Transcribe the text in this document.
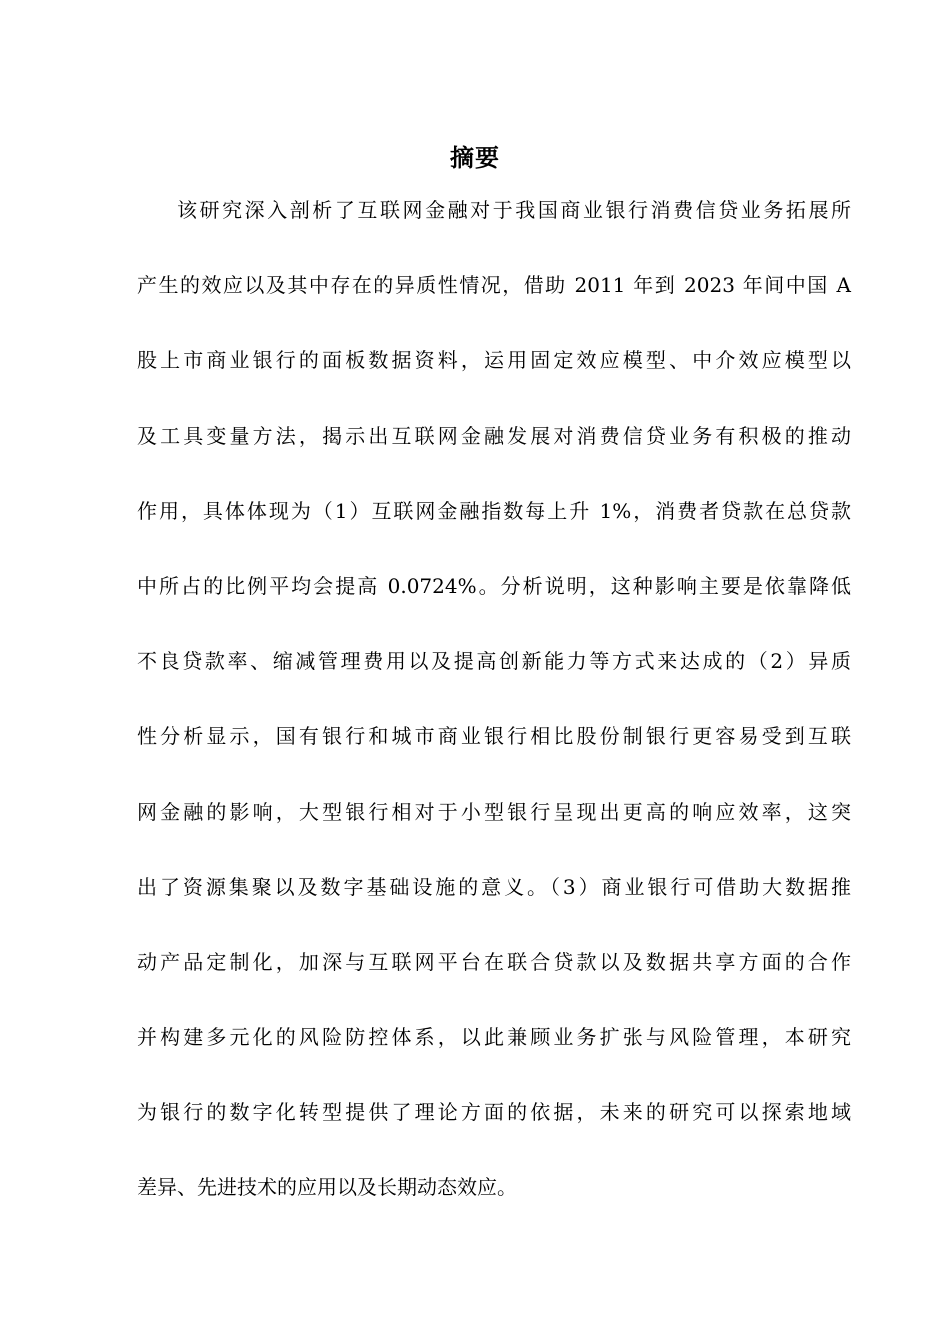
摘要
该研究深入剖析了互联网金融对于我国商业银行消费信贷业务拓展所
产生的效应以及其中存在的异质性情况，借助 2011 年到 2023 年间中国 A
股上市商业银行的面板数据资料，运用固定效应模型、中介效应模型以
及工具变量方法，揭示出互联网金融发展对消费信贷业务有积极的推动
作用，具体体现为（1）互联网金融指数每上升 1%，消费者贷款在总贷款
中所占的比例平均会提高 0.0724%。分析说明，这种影响主要是依靠降低
不良贷款率、缩减管理费用以及提高创新能力等方式来达成的（2）异质
性分析显示，国有银行和城市商业银行相比股份制银行更容易受到互联
网金融的影响，大型银行相对于小型银行呈现出更高的响应效率，这突
出了资源集聚以及数字基础设施的意义。（3）商业银行可借助大数据推
动产品定制化，加深与互联网平台在联合贷款以及数据共享方面的合作
并构建多元化的风险防控体系，以此兼顾业务扩张与风险管理，本研究
为银行的数字化转型提供了理论方面的依据，未来的研究可以探索地域
差异、先进技术的应用以及长期动态效应。
